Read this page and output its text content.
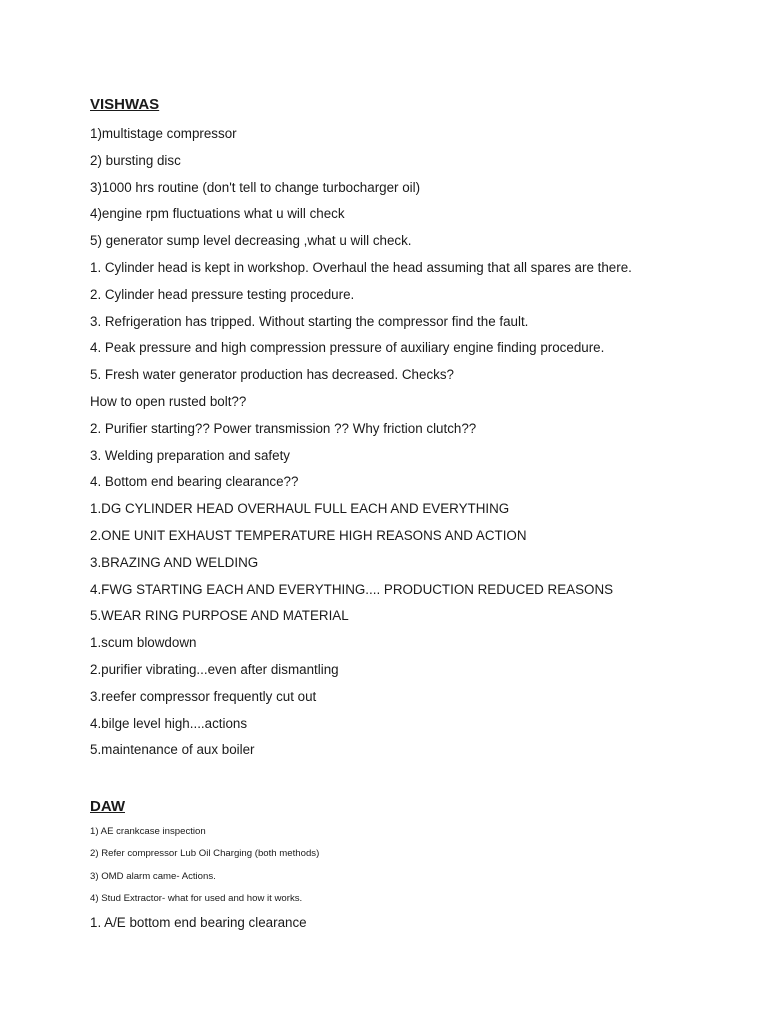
VISHWAS
1)multistage compressor
2) bursting disc
3)1000 hrs routine (don't tell to change turbocharger oil)
4)engine rpm fluctuations what u will check
5) generator sump level decreasing ,what u will check.
1. Cylinder head is kept in workshop. Overhaul the head assuming that all spares are there.
2. Cylinder head pressure testing procedure.
3. Refrigeration has tripped. Without starting the compressor find the fault.
4. Peak pressure and high compression pressure of auxiliary engine finding procedure.
5. Fresh water generator production has decreased. Checks?
How to open rusted bolt??
2. Purifier starting?? Power transmission ?? Why friction clutch??
3. Welding preparation and safety
4. Bottom end bearing clearance??
1.DG CYLINDER HEAD OVERHAUL FULL EACH AND EVERYTHING
2.ONE UNIT EXHAUST TEMPERATURE HIGH REASONS AND ACTION
3.BRAZING AND WELDING
4.FWG STARTING EACH AND EVERYTHING.... PRODUCTION REDUCED REASONS
5.WEAR RING PURPOSE AND MATERIAL
1.scum blowdown
2.purifier vibrating...even after dismantling
3.reefer compressor frequently cut out
4.bilge level high....actions
5.maintenance of aux boiler
DAW
1) AE crankcase inspection
2) Refer compressor Lub Oil Charging (both methods)
3) OMD alarm came- Actions.
4) Stud Extractor- what for used and how it works.
1. A/E bottom end bearing clearance
